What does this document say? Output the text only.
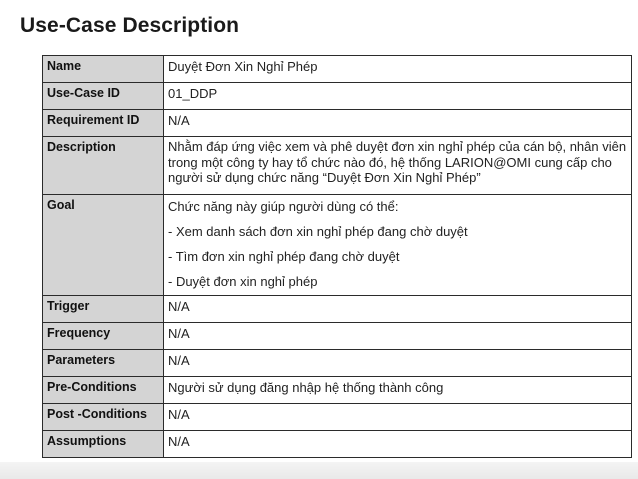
Use-Case Description
Name	Duyệt Đơn Xin Nghỉ Phép
Use-Case ID	01_DDP
Requirement ID	N/A
Description	Nhằm đáp ứng việc xem và phê duyệt đơn xin nghỉ phép của cán bộ, nhân viên trong một công ty hay tổ chức nào đó, hệ thống LARION@OMI cung cấp cho người sử dụng chức năng “Duyệt Đơn Xin Nghỉ Phép”
Goal	Chức năng này giúp người dùng có thể:
- Xem danh sách đơn xin nghỉ phép đang chờ duyệt
- Tìm đơn xin nghỉ phép đang chờ duyệt
- Duyệt đơn xin nghỉ phép

Trigger	N/A
Frequency	N/A
Parameters	N/A
Pre-Conditions	Người sử dụng đăng nhập hệ thống thành công
Post -Conditions	N/A
Assumptions	N/A
